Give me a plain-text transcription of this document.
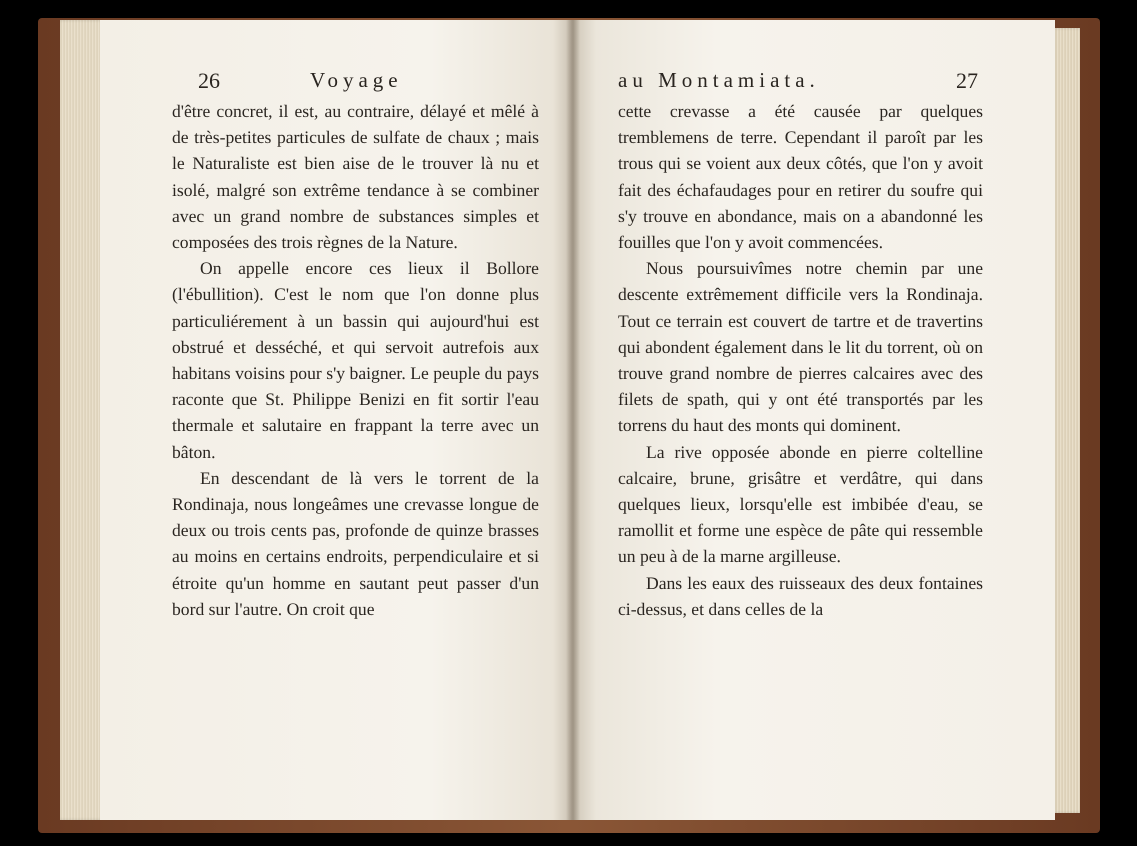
26	Voyage

d'être concret, il est, au contraire, délayé et mêlé à de très-petites particules de sulfate de chaux ; mais le Naturaliste est bien aise de le trouver là nu et isolé, malgré son extrême tendance à se combiner avec un grand nombre de substances simples et composées des trois règnes de la Nature.

On appelle encore ces lieux il Bollore (l'ébullition). C'est le nom que l'on donne plus particuliérement à un bassin qui aujourd'hui est obstrué et desséché, et qui servoit autrefois aux habitans voisins pour s'y baigner. Le peuple du pays raconte que St. Philippe Benizi en fit sortir l'eau thermale et salutaire en frappant la terre avec un bâton.

En descendant de là vers le torrent de la Rondinaja, nous longeâmes une crevasse longue de deux ou trois cents pas, profonde de quinze brasses au moins en certains endroits, perpendiculaire et si étroite qu'un homme en sautant peut passer d'un bord sur l'autre. On croit que

au Montamiata.	27

cette crevasse a été causée par quelques tremblemens de terre. Cependant il paroît par les trous qui se voient aux deux côtés, que l'on y avoit fait des échafaudages pour en retirer du soufre qui s'y trouve en abondance, mais on a abandonné les fouilles que l'on y avoit commencées.

Nous poursuivîmes notre chemin par une descente extrêmement difficile vers la Rondinaja. Tout ce terrain est couvert de tartre et de travertins qui abondent également dans le lit du torrent, où on trouve grand nombre de pierres calcaires avec des filets de spath, qui y ont été transportés par les torrens du haut des monts qui dominent.

La rive opposée abonde en pierre coltelline calcaire, brune, grisâtre et verdâtre, qui dans quelques lieux, lorsqu'elle est imbibée d'eau, se ramollit et forme une espèce de pâte qui ressemble un peu à de la marne argilleuse.

Dans les eaux des ruisseaux des deux fontaines ci-dessus, et dans celles de la
